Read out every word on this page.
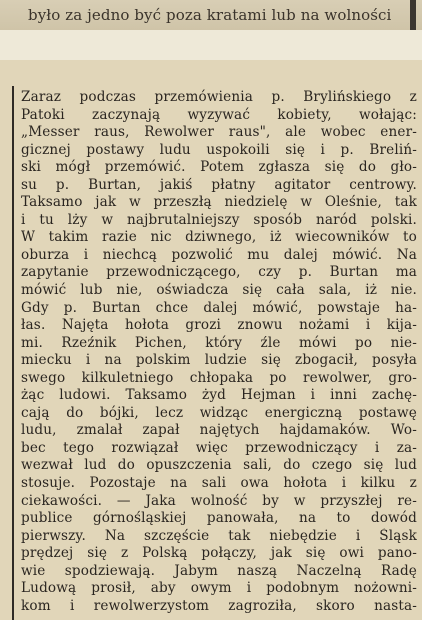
było za jedno być poza kratami lub na wolności
Zaraz podczas przemówienia p. Brylińskiego z
Patoki zaczynają wyzywać kobiety, wołając:
„Messer raus, Rewolwer raus", ale wobec ener-
gicznej postawy ludu uspokoili się i p. Breliń-
ski mógł przemówić. Potem zgłasza się do gło-
su p. Burtan, jakiś płatny agitator centrowy.
Taksamo jak w przeszłą niedzielę w Oleśnie, tak
i tu lży w najbrutalniejszy sposób naród polski.
W takim razie nic dziwnego, iż wiecowników to
oburza i niechcą pozwolić mu dalej mówić. Na
zapytanie przewodniczącego, czy p. Burtan ma
mówić lub nie, oświadcza się cała sala, iż nie.
Gdy p. Burtan chce dalej mówić, powstaje ha-
łas. Najęta hołota grozi znowu nożami i kija-
mi. Rzeźnik Pichen, który źle mówi po nie-
miecku i na polskim ludzie się zbogacił, posyła
swego kilkuletniego chłopaka po rewolwer, gro-
żąc ludowi. Taksamo żyd Hejman i inni zachę-
cają do bójki, lecz widząc energiczną postawę
ludu, zmalał zapał najętych hajdamaków. Wo-
bec tego rozwiązał więc przewodniczący i za-
wezwał lud do opuszczenia sali, do czego się lud
stosuje. Pozostaje na sali owa hołota i kilku z
ciekawości. — Jaka wolność by w przyszłej re-
publice górnośląskiej panowała, na to dowód
pierwszy. Na szczęście tak niebędzie i Śląsk
prędzej się z Polską połączy, jak się owi pano-
wie spodziewają. Jabym naszą Naczelną Radę
Ludową prosił, aby owym i podobnym nożowni-
kom i rewolwerzystom zagroziła, skoro nasta-
